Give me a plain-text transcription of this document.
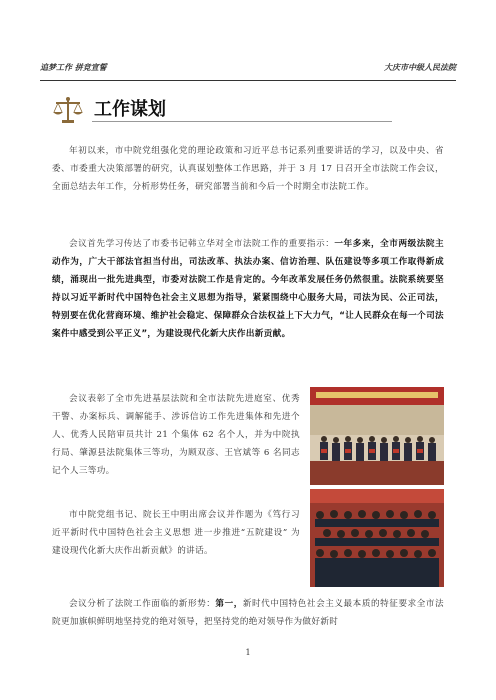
追梦工作 拼竞宣誓	大庆市中级人民法院
工作谋划

年初以来，市中院党组强化党的理论政策和习近平总书记系列重要讲话的学习，以及中央、省委、市委重大决策部署的研究，认真谋划整体工作思路，并于 3 月 17 日召开全市法院工作会议，全面总结去年工作，分析形势任务，研究部署当前和今后一个时期全市法院工作。

会议首先学习传达了市委书记韩立华对全市法院工作的重要指示：一年多来，全市两级法院主动作为，广大干部法官担当付出，司法改革、执法办案、信访治理、队伍建设等多项工作取得新成绩，涌现出一批先进典型，市委对法院工作是肯定的。今年改革发展任务仍然很重。法院系统要坚持以习近平新时代中国特色社会主义思想为指导，紧紧围绕中心服务大局，司法为民、公正司法，特别要在优化营商环境、维护社会稳定、保障群众合法权益上下大力气，“让人民群众在每一个司法案件中感受到公平正义”，为建设现代化新大庆作出新贡献。

会议表彰了全市先进基层法院和全市法院先进庭室、优秀干警、办案标兵、调解能手、涉诉信访工作先进集体和先进个人、优秀人民陪审员共计 21 个集体 62 名个人，并为中院执行局、肇源县法院集体三等功，为顾双彦、王官斌等 6 名同志记个人三等功。

市中院党组书记、院长王中明出席会议并作题为《笃行习近平新时代中国特色社会主义思想 进一步推进“五院建设” 为建设现代化新大庆作出新贡献》的讲话。

会议分析了法院工作面临的新形势：第一，新时代中国特色社会主义最本质的特征要求全市法院更加旗帜鲜明地坚持党的绝对领导，把坚持党的绝对领导作为做好新时

1
